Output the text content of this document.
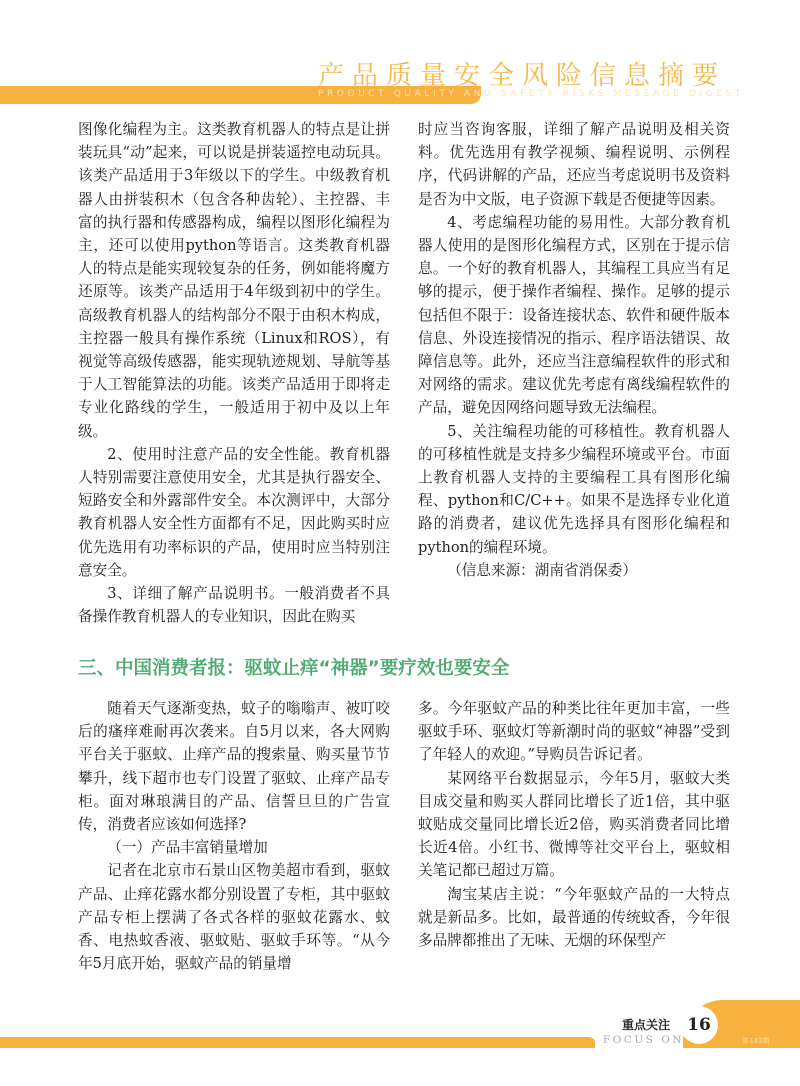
产品质量安全风险信息摘要
PRODUCT QUALITY AND SAFETY RISKS MESSAGE DIGEST

图像化编程为主。这类教育机器人的特点是让拼装玩具“动”起来，可以说是拼装遥控电动玩具。该类产品适用于3年级以下的学生。中级教育机器人由拼装积木（包含各种齿轮）、主控器、丰富的执行器和传感器构成，编程以图形化编程为主，还可以使用python等语言。这类教育机器人的特点是能实现较复杂的任务，例如能将魔方还原等。该类产品适用于4年级到初中的学生。高级教育机器人的结构部分不限于由积木构成，主控器一般具有操作系统（Linux和ROS），有视觉等高级传感器，能实现轨迹规划、导航等基于人工智能算法的功能。该类产品适用于即将走专业化路线的学生，一般适用于初中及以上年级。

2、使用时注意产品的安全性能。教育机器人特别需要注意使用安全，尤其是执行器安全、短路安全和外露部件安全。本次测评中，大部分教育机器人安全性方面都有不足，因此购买时应优先选用有功率标识的产品，使用时应当特别注意安全。

3、详细了解产品说明书。一般消费者不具备操作教育机器人的专业知识，因此在购买

时应当咨询客服，详细了解产品说明及相关资料。优先选用有教学视频、编程说明、示例程序，代码讲解的产品，还应当考虑说明书及资料是否为中文版，电子资源下载是否便捷等因素。

4、考虑编程功能的易用性。大部分教育机器人使用的是图形化编程方式，区别在于提示信息。一个好的教育机器人，其编程工具应当有足够的提示，便于操作者编程、操作。足够的提示包括但不限于：设备连接状态、软件和硬件版本信息、外设连接情况的指示、程序语法错误、故障信息等。此外，还应当注意编程软件的形式和对网络的需求。建议优先考虑有离线编程软件的产品，避免因网络问题导致无法编程。

5、关注编程功能的可移植性。教育机器人的可移植性就是支持多少编程环境或平台。市面上教育机器人支持的主要编程工具有图形化编程、python和C/C++。如果不是选择专业化道路的消费者，建议优先选择具有图形化编程和python的编程环境。

（信息来源：湖南省消保委）

三、中国消费者报：驱蚊止痒“神器”要疗效也要安全

随着天气逐渐变热，蚊子的嗡嗡声、被叮咬后的瘙痒难耐再次袭来。自5月以来，各大网购平台关于驱蚊、止痒产品的搜索量、购买量节节攀升，线下超市也专门设置了驱蚊、止痒产品专柜。面对琳琅满目的产品、信誓旦旦的广告宣传，消费者应该如何选择?

（一）产品丰富销量增加

记者在北京市石景山区物美超市看到，驱蚊产品、止痒花露水都分别设置了专柜，其中驱蚊产品专柜上摆满了各式各样的驱蚊花露水、蚊香、电热蚊香液、驱蚊贴、驱蚊手环等。“从今年5月底开始，驱蚊产品的销量增

多。今年驱蚊产品的种类比往年更加丰富，一些驱蚊手环、驱蚊灯等新潮时尚的驱蚊“神器”受到了年轻人的欢迎。”导购员告诉记者。

某网络平台数据显示，今年5月，驱蚊大类目成交量和购买人群同比增长了近1倍，其中驱蚊贴成交量同比增长近2倍，购买消费者同比增长近4倍。小红书、微博等社交平台上，驱蚊相关笔记都已超过万篇。

淘宝某店主说：“今年驱蚊产品的一大特点就是新品多。比如，最普通的传统蚊香，今年很多品牌都推出了无味、无烟的环保型产

重点关注
FOCUS ON
16
第143期
